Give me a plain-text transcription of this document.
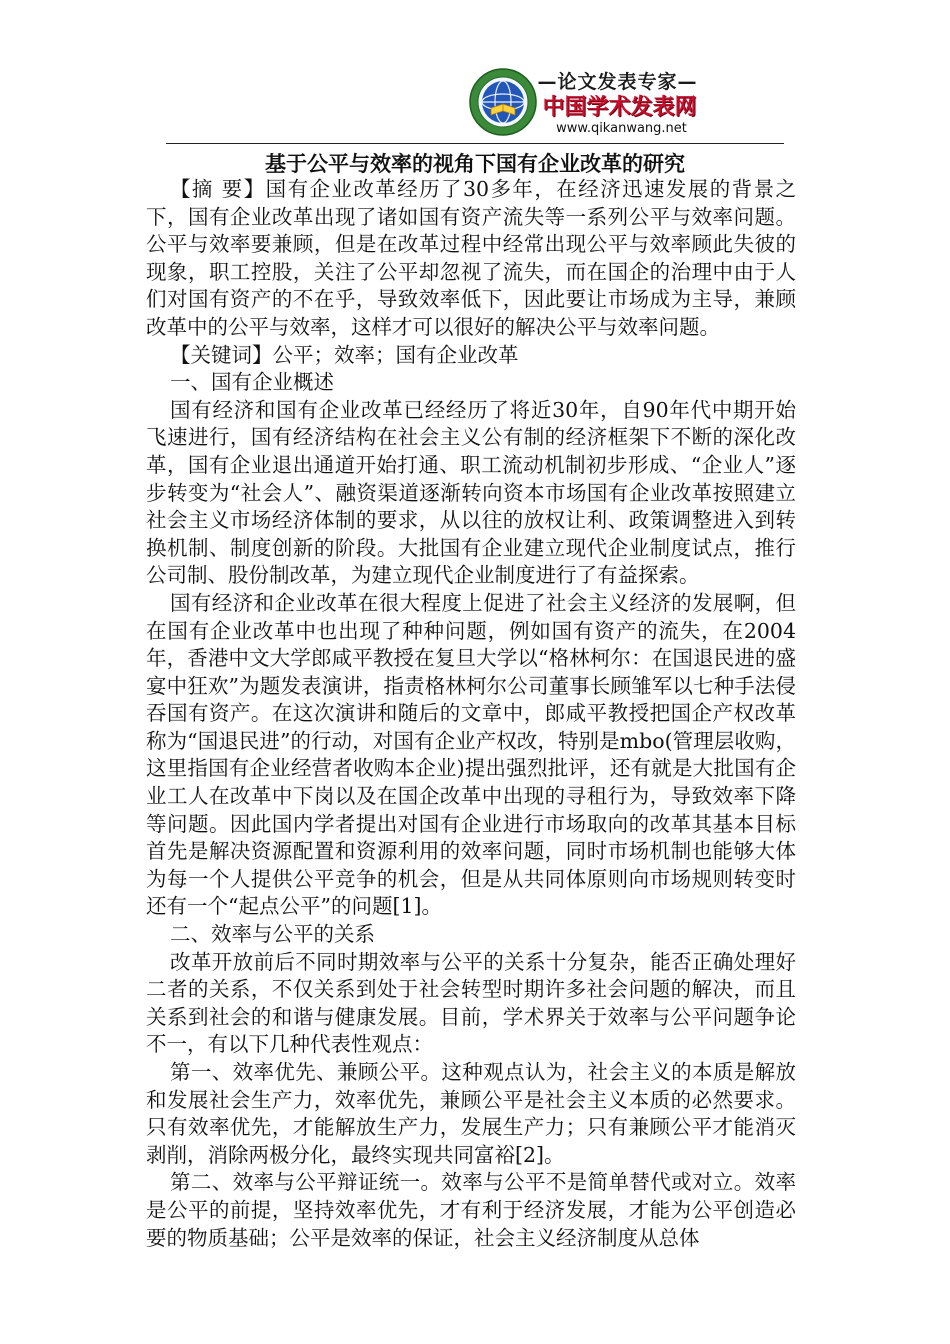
—论文发表专家—
中国学术发表网
www.qikanwang.net
基于公平与效率的视角下国有企业改革的研究

【摘 要】国有企业改革经历了30多年，在经济迅速发展的背景之下，国有企业改革出现了诸如国有资产流失等一系列公平与效率问题。公平与效率要兼顾，但是在改革过程中经常出现公平与效率顾此失彼的现象，职工控股，关注了公平却忽视了流失，而在国企的治理中由于人们对国有资产的不在乎，导致效率低下，因此要让市场成为主导，兼顾改革中的公平与效率，这样才可以很好的解决公平与效率问题。

【关键词】公平；效率；国有企业改革

一、国有企业概述

国有经济和国有企业改革已经经历了将近30年，自90年代中期开始飞速进行，国有经济结构在社会主义公有制的经济框架下不断的深化改革，国有企业退出通道开始打通、职工流动机制初步形成、“企业人”逐步转变为“社会人”、融资渠道逐渐转向资本市场国有企业改革按照建立社会主义市场经济体制的要求，从以往的放权让利、政策调整进入到转换机制、制度创新的阶段。大批国有企业建立现代企业制度试点，推行公司制、股份制改革，为建立现代企业制度进行了有益探索。

国有经济和企业改革在很大程度上促进了社会主义经济的发展啊，但在国有企业改革中也出现了种种问题，例如国有资产的流失，在2004年，香港中文大学郎咸平教授在复旦大学以“格林柯尔：在国退民进的盛宴中狂欢”为题发表演讲，指责格林柯尔公司董事长顾雏军以七种手法侵吞国有资产。在这次演讲和随后的文章中，郎咸平教授把国企产权改革称为“国退民进”的行动，对国有企业产权改，特别是mbo(管理层收购，这里指国有企业经营者收购本企业)提出强烈批评，还有就是大批国有企业工人在改革中下岗以及在国企改革中出现的寻租行为，导致效率下降等问题。因此国内学者提出对国有企业进行市场取向的改革其基本目标首先是解决资源配置和资源利用的效率问题，同时市场机制也能够大体为每一个人提供公平竞争的机会，但是从共同体原则向市场规则转变时还有一个“起点公平”的问题[1]。

二、效率与公平的关系

改革开放前后不同时期效率与公平的关系十分复杂，能否正确处理好二者的关系，不仅关系到处于社会转型时期许多社会问题的解决，而且关系到社会的和谐与健康发展。目前，学术界关于效率与公平问题争论不一，有以下几种代表性观点：

第一、效率优先、兼顾公平。这种观点认为，社会主义的本质是解放和发展社会生产力，效率优先，兼顾公平是社会主义本质的必然要求。只有效率优先，才能解放生产力，发展生产力；只有兼顾公平才能消灭剥削，消除两极分化，最终实现共同富裕[2]。

第二、效率与公平辩证统一。效率与公平不是简单替代或对立。效率是公平的前提，坚持效率优先，才有利于经济发展，才能为公平创造必要的物质基础；公平是效率的保证，社会主义经济制度从总体
